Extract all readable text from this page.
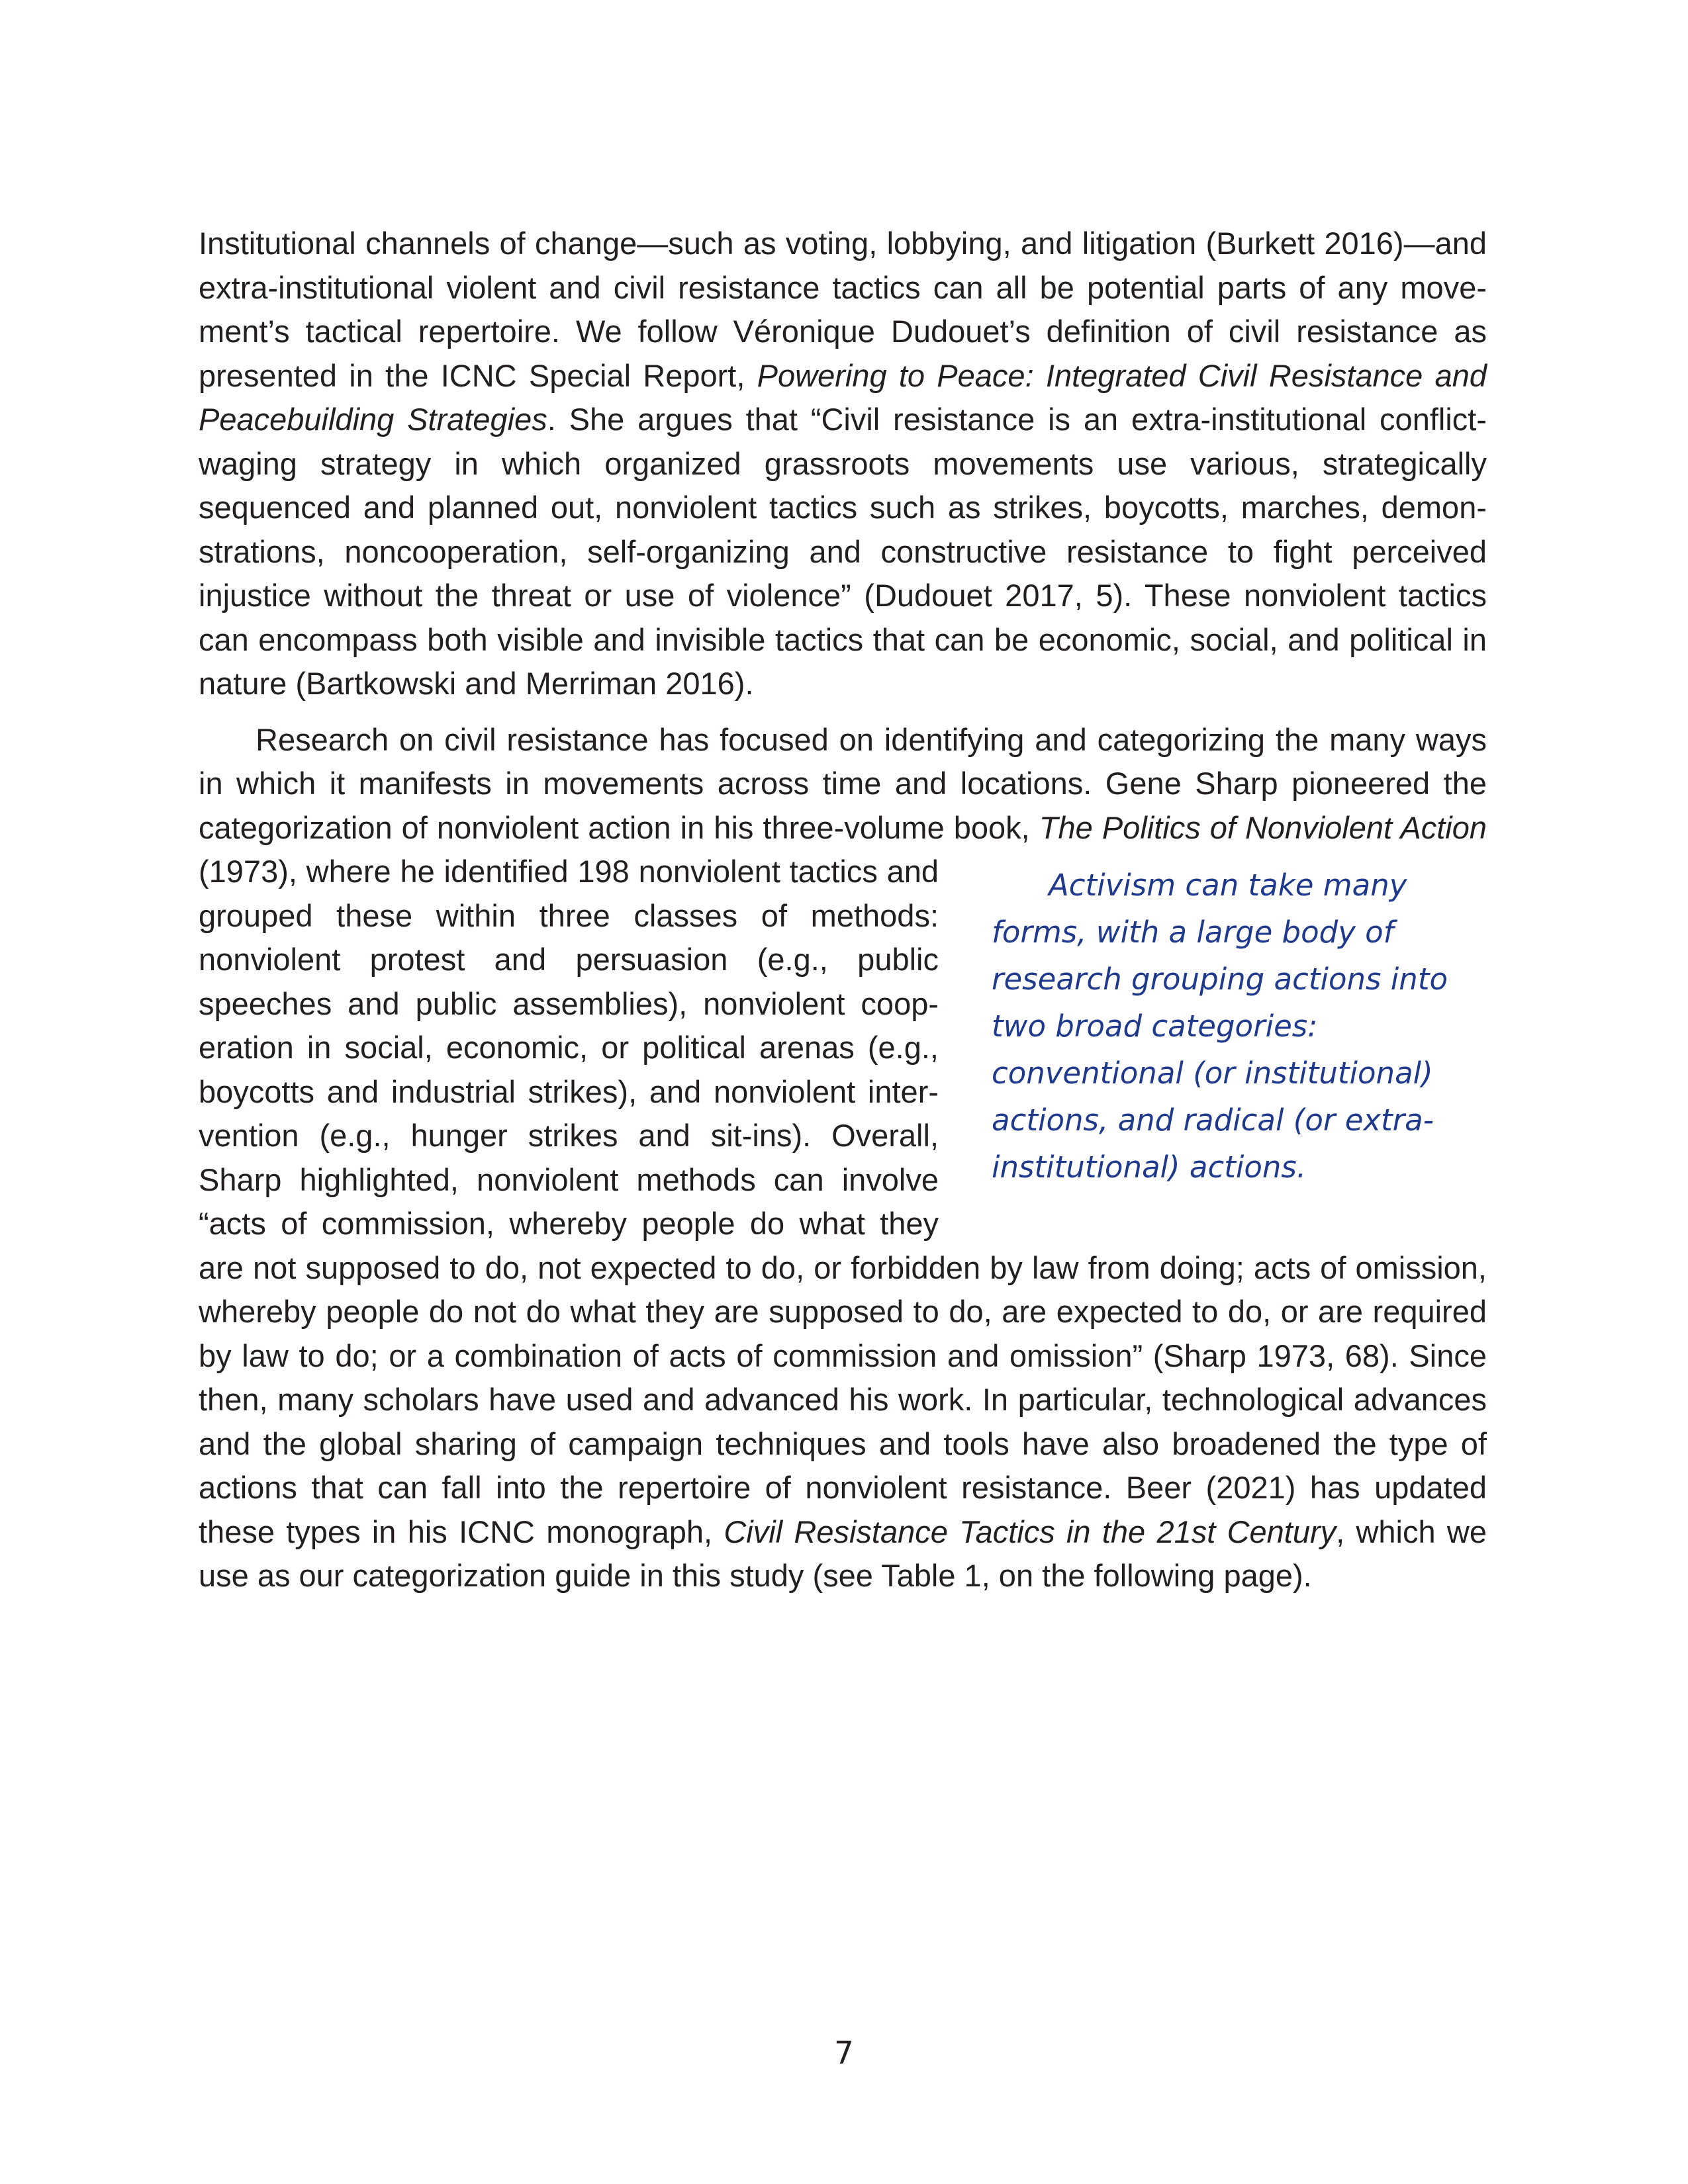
Institutional channels of change—such as voting, lobbying, and litigation (Burkett 2016)—and extra-institutional violent and civil resistance tactics can all be potential parts of any movement’s tactical repertoire. We follow Véronique Dudouet’s definition of civil resistance as presented in the ICNC Special Report, Powering to Peace: Integrated Civil Resistance and Peacebuilding Strategies. She argues that “Civil resistance is an extra-institutional conflict-waging strategy in which organized grassroots movements use various, strategically sequenced and planned out, nonviolent tactics such as strikes, boycotts, marches, demonstrations, noncooperation, self-organizing and constructive resistance to fight perceived injustice without the threat or use of violence” (Dudouet 2017, 5). These nonviolent tactics can encompass both visible and invisible tactics that can be economic, social, and political in nature (Bartkowski and Merriman 2016).

Research on civil resistance has focused on identifying and categorizing the many ways in which it manifests in movements across time and locations. Gene Sharp pioneered the categorization of nonviolent action in his three-volume book, The Politics of Nonviolent Action
Activism can take many forms, with a large body of research grouping actions into two broad categories: conventional (or institutional) actions, and radical (or extra-institutional) actions.
(1973), where he identified 198 nonviolent tactics and grouped these within three classes of methods: nonviolent protest and persuasion (e.g., public speeches and public assemblies), nonviolent cooperation in social, economic, or political arenas (e.g., boycotts and industrial strikes), and nonviolent intervention (e.g., hunger strikes and sit-ins). Overall, Sharp highlighted, nonviolent methods can involve “acts of commission, whereby people do what they are not supposed to do, not expected to do, or forbidden by law from doing; acts of omission, whereby people do not do what they are supposed to do, are expected to do, or are required by law to do; or a combination of acts of commission and omission” (Sharp 1973, 68). Since then, many scholars have used and advanced his work. In particular, technological advances and the global sharing of campaign techniques and tools have also broadened the type of actions that can fall into the repertoire of nonviolent resistance. Beer (2021) has updated these types in his ICNC monograph, Civil Resistance Tactics in the 21st Century, which we use as our categorization guide in this study (see Table 1, on the following page).

7
